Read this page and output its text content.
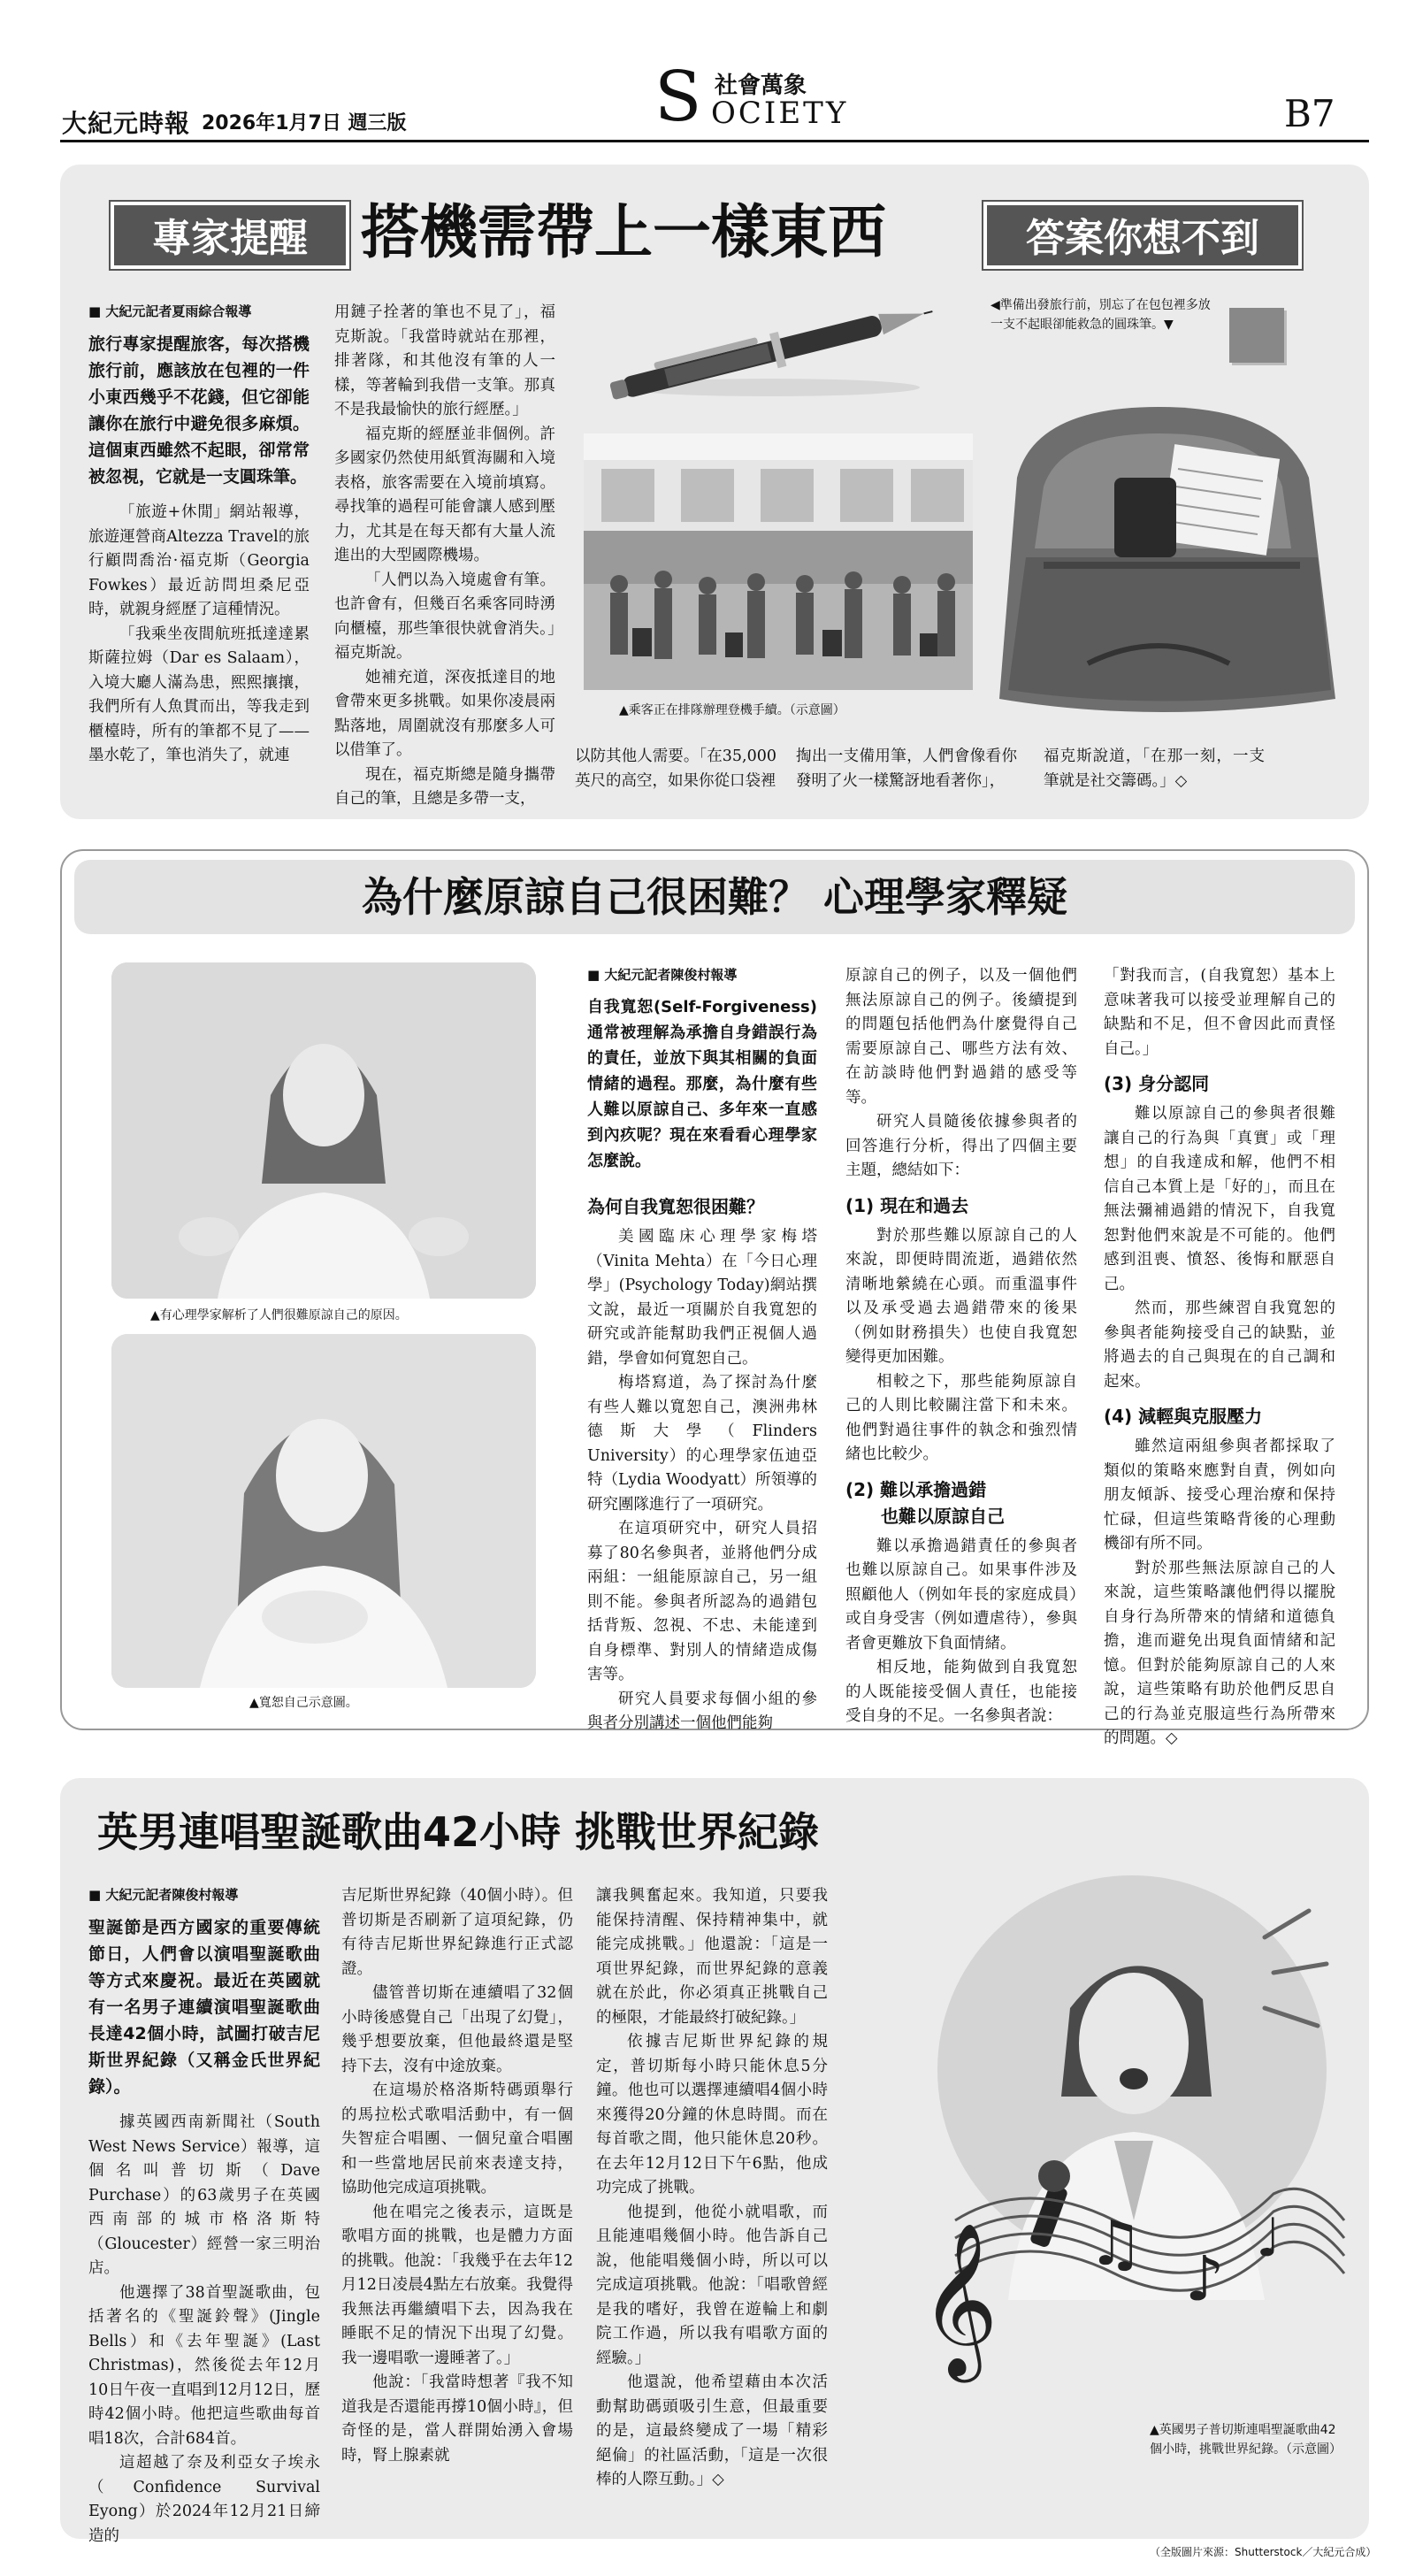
大紀元時報 2026年1月7日 週三版	S 社會萬象
OCIETY	B7
專家提醒 搭機需帶上一樣東西	答案你想不到
■ 大紀元記者夏雨綜合報導
旅行專家提醒旅客，每次搭機旅行前，應該放在包裡的一件小東西幾乎不花錢，但它卻能讓你在旅行中避免很多麻煩。這個東西雖然不起眼，卻常常被忽視，它就是一支圓珠筆。

「旅遊+休閒」網站報導，旅遊運營商Altezza Travel的旅行顧問喬治·福克斯（Georgia Fowkes）最近訪問坦桑尼亞時，就親身經歷了這種情況。

「我乘坐夜間航班抵達達累斯薩拉姆（Dar es Salaam），入境大廳人滿為患，熙熙攘攘，我們所有人魚貫而出，等我走到櫃檯時，所有的筆都不見了——墨水乾了，筆也消失了，就連

用鏈子拴著的筆也不見了」，福克斯說。「我當時就站在那裡，排著隊，和其他沒有筆的人一樣，等著輪到我借一支筆。那真不是我最愉快的旅行經歷。」

福克斯的經歷並非個例。許多國家仍然使用紙質海關和入境表格，旅客需要在入境前填寫。尋找筆的過程可能會讓人感到壓力，尤其是在每天都有大量人流進出的大型國際機場。

「人們以為入境處會有筆。也許會有，但幾百名乘客同時湧向櫃檯，那些筆很快就會消失。」福克斯說。

她補充道，深夜抵達目的地會帶來更多挑戰。如果你凌晨兩點落地，周圍就沒有那麼多人可以借筆了。

現在，福克斯總是隨身攜帶自己的筆，且總是多帶一支，

▲乘客正在排隊辦理登機手續。（示意圖）
◀準備出發旅行前，別忘了在包包裡多放一支不起眼卻能救急的圓珠筆。▼

以防其他人需要。「在35,000英尺的高空，如果你從口袋裡

掏出一支備用筆，人們會像看你發明了火一樣驚訝地看著你」，

福克斯說道，「在那一刻，一支筆就是社交籌碼。」◇

為什麼原諒自己很困難？ 心理學家釋疑
▲有心理學家解析了人們很難原諒自己的原因。
▲寬恕自己示意圖。
■ 大紀元記者陳俊村報導
自我寬恕(Self-Forgiveness)通常被理解為承擔自身錯誤行為的責任，並放下與其相關的負面情緒的過程。那麼，為什麼有些人難以原諒自己、多年來一直感到內疚呢？現在來看看心理學家怎麼說。
為何自我寬恕很困難？

美國臨床心理學家梅塔（Vinita Mehta）在「今日心理學」(Psychology Today)網站撰文說，最近一項關於自我寬恕的研究或許能幫助我們正視個人過錯，學會如何寬恕自己。

梅塔寫道，為了探討為什麼有些人難以寬恕自己，澳洲弗林德斯大學（Flinders University）的心理學家伍迪亞特（Lydia Woodyatt）所領導的研究團隊進行了一項研究。

在這項研究中，研究人員招募了80名參與者，並將他們分成兩組：一組能原諒自己，另一組則不能。參與者所認為的過錯包括背叛、忽視、不忠、未能達到自身標準、對別人的情緒造成傷害等。

研究人員要求每個小組的參與者分別講述一個他們能夠

原諒自己的例子，以及一個他們無法原諒自己的例子。後續提到的問題包括他們為什麼覺得自己需要原諒自己、哪些方法有效、在訪談時他們對過錯的感受等等。

研究人員隨後依據參與者的回答進行分析，得出了四個主要主題，總結如下：

(1) 現在和過去

對於那些難以原諒自己的人來說，即便時間流逝，過錯依然清晰地縈繞在心頭。而重溫事件以及承受過去過錯帶來的後果（例如財務損失）也使自我寬恕變得更加困難。

相較之下，那些能夠原諒自己的人則比較關注當下和未來。他們對過往事件的執念和強烈情緒也比較少。

(2) 難以承擔過錯
也難以原諒自己

難以承擔過錯責任的參與者也難以原諒自己。如果事件涉及照顧他人（例如年長的家庭成員）或自身受害（例如遭虐待），參與者會更難放下負面情緒。

相反地，能夠做到自我寬恕的人既能接受個人責任，也能接受自身的不足。一名參與者說：

「對我而言，(自我寬恕）基本上意味著我可以接受並理解自己的缺點和不足，但不會因此而責怪自己。」

(3) 身分認同

難以原諒自己的參與者很難讓自己的行為與「真實」或「理想」的自我達成和解，他們不相信自己本質上是「好的」，而且在無法彌補過錯的情況下，自我寬恕對他們來說是不可能的。他們感到沮喪、憤怒、後悔和厭惡自己。

然而，那些練習自我寬恕的參與者能夠接受自己的缺點，並將過去的自己與現在的自己調和起來。

(4) 減輕與克服壓力

雖然這兩組參與者都採取了類似的策略來應對自責，例如向朋友傾訴、接受心理治療和保持忙碌，但這些策略背後的心理動機卻有所不同。

對於那些無法原諒自己的人來說，這些策略讓他們得以擺脫自身行為所帶來的情緒和道德負擔，進而避免出現負面情緒和記憶。但對於能夠原諒自己的人來說，這些策略有助於他們反思自己的行為並克服這些行為所帶來的問題。◇

英男連唱聖誕歌曲42小時 挑戰世界紀錄
■ 大紀元記者陳俊村報導
聖誕節是西方國家的重要傳統節日，人們會以演唱聖誕歌曲等方式來慶祝。最近在英國就有一名男子連續演唱聖誕歌曲長達42個小時，試圖打破吉尼斯世界紀錄（又稱金氏世界紀錄）。

據英國西南新聞社（South West News Service）報導，這個名叫普切斯（Dave Purchase）的63歲男子在英國西南部的城市格洛斯特（Gloucester）經營一家三明治店。

他選擇了38首聖誕歌曲，包括著名的《聖誕鈴聲》(Jingle Bells）和《去年聖誕》(Last Christmas)，然後從去年12月10日午夜一直唱到12月12日，歷時42個小時。他把這些歌曲每首唱18次，合計684首。

這超越了奈及利亞女子埃永（Confidence Survival Eyong）於2024年12月21日締造的

吉尼斯世界紀錄（40個小時）。但普切斯是否刷新了這項紀錄，仍有待吉尼斯世界紀錄進行正式認證。

儘管普切斯在連續唱了32個小時後感覺自己「出現了幻覺」，幾乎想要放棄，但他最終還是堅持下去，沒有中途放棄。

在這場於格洛斯特碼頭舉行的馬拉松式歌唱活動中，有一個失智症合唱團、一個兒童合唱團和一些當地居民前來表達支持，協助他完成這項挑戰。

他在唱完之後表示，這既是歌唱方面的挑戰，也是體力方面的挑戰。他說：「我幾乎在去年12月12日凌晨4點左右放棄。我覺得我無法再繼續唱下去，因為我在睡眠不足的情況下出現了幻覺。我一邊唱歌一邊睡著了。」

他說：「我當時想著『我不知道我是否還能再撐10個小時』，但奇怪的是，當人群開始湧入會場時，腎上腺素就

讓我興奮起來。我知道，只要我能保持清醒、保持精神集中，就能完成挑戰。」他還說：「這是一項世界紀錄，而世界紀錄的意義就在於此，你必須真正挑戰自己的極限，才能最終打破紀錄。」

依據吉尼斯世界紀錄的規定，普切斯每小時只能休息5分鐘。他也可以選擇連續唱4個小時來獲得20分鐘的休息時間。而在每首歌之間，他只能休息20秒。在去年12月12日下午6點，他成功完成了挑戰。

他提到，他從小就唱歌，而且能連唱幾個小時。他告訴自己說，他能唱幾個小時，所以可以完成這項挑戰。他說：「唱歌曾經是我的嗜好，我曾在遊輪上和劇院工作過，所以我有唱歌方面的經驗。」

他還說，他希望藉由本次活動幫助碼頭吸引生意，但最重要的是，這最終變成了一場「精彩絕倫」的社區活動，「這是一次很棒的人際互動。」◇

𝄞 ♫ ♪
♩
▲英國男子普切斯連唱聖誕歌曲42個小時，挑戰世界紀錄。（示意圖）
（全版圖片來源：Shutterstock／大紀元合成）
